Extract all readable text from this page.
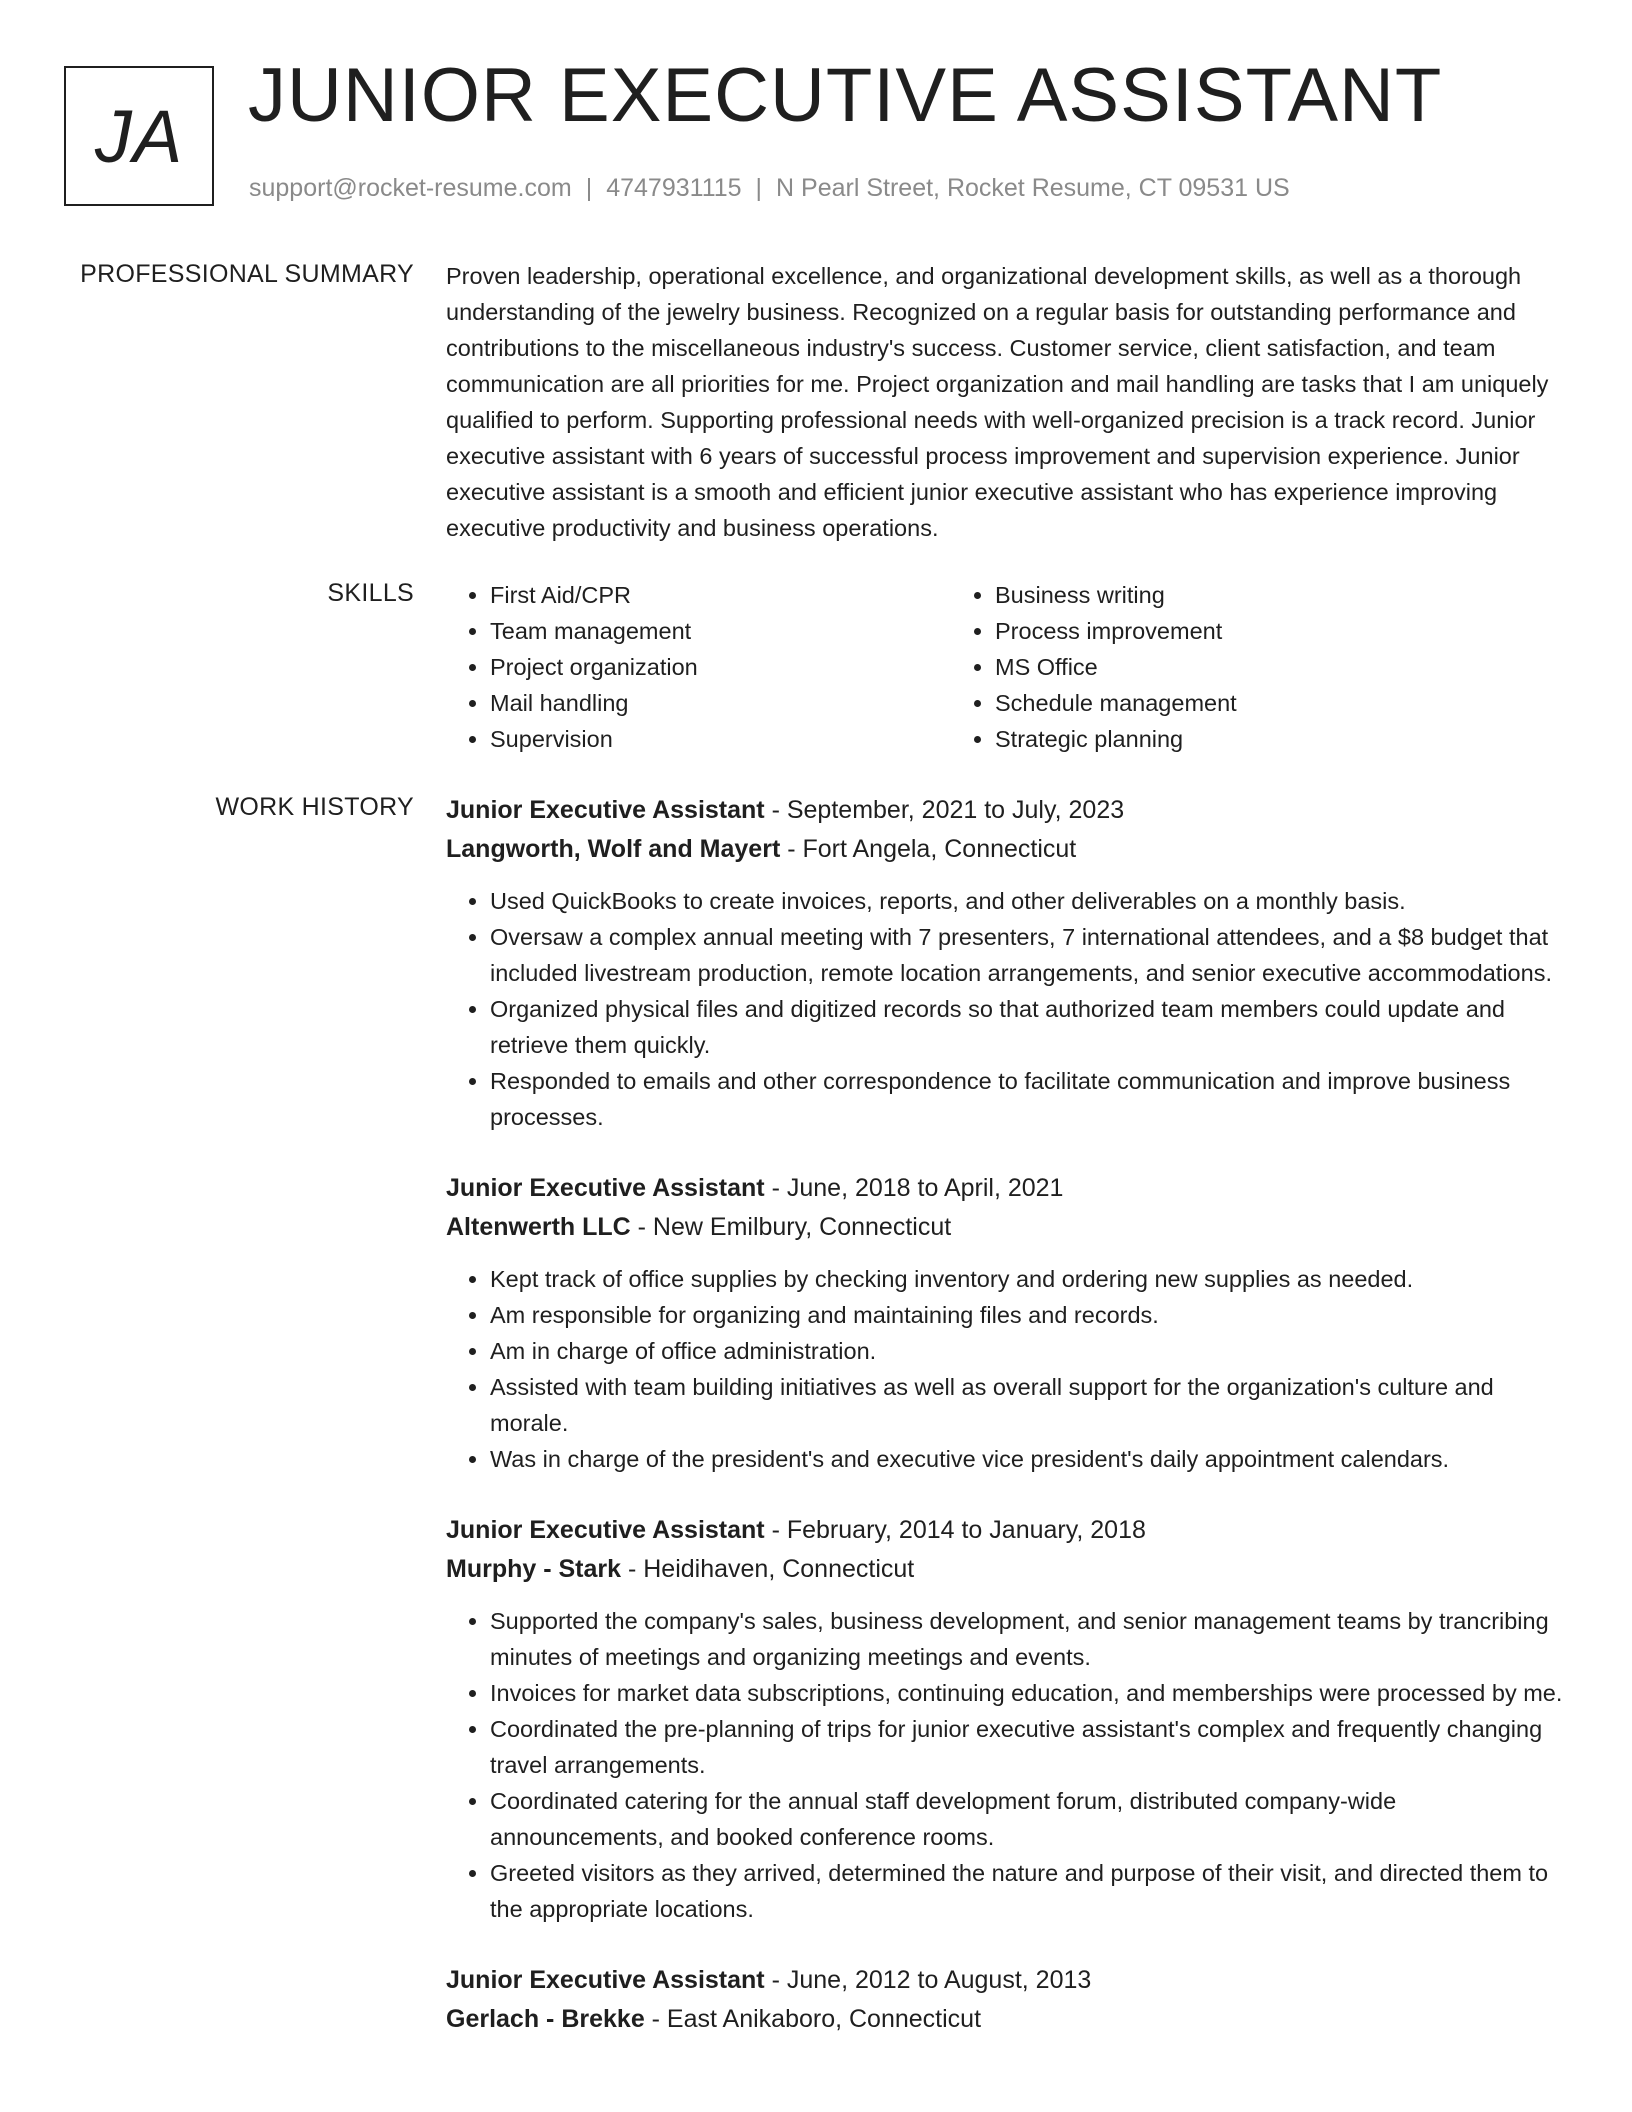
JA JUNIOR EXECUTIVE ASSISTANT
support@rocket-resume.com | 4747931115 | N Pearl Street, Rocket Resume, CT 09531 US
PROFESSIONAL SUMMARY Proven leadership, operational excellence, and organizational development skills, as well as a thorough understanding of the jewelry business. Recognized on a regular basis for outstanding performance and contributions to the miscellaneous industry's success. Customer service, client satisfaction, and team communication are all priorities for me. Project organization and mail handling are tasks that I am uniquely qualified to perform. Supporting professional needs with well-organized precision is a track record. Junior executive assistant with 6 years of successful process improvement and supervision experience. Junior executive assistant is a smooth and efficient junior executive assistant who has experience improving executive productivity and business operations.

SKILLS
•	First Aid/CPR
• Team management
• Project organization
• Mail handling
• Supervision
• Business writing
• Process improvement
• MS Office
• Schedule management
• Strategic planning
WORK HISTORY Junior Executive Assistant - September, 2021 to July, 2023
Langworth, Wolf and Mayert - Fort Angela, Connecticut
• Used QuickBooks to create invoices, reports, and other deliverables on a monthly basis.
• Oversaw a complex annual meeting with 7 presenters, 7 international attendees, and a $8 budget that included livestream production, remote location arrangements, and senior executive accommodations.
• Organized physical files and digitized records so that authorized team members could update and retrieve them quickly.
• Responded to emails and other correspondence to facilitate communication and improve business processes.
Junior Executive Assistant - June, 2018 to April, 2021
Altenwerth LLC - New Emilbury, Connecticut
• Kept track of office supplies by checking inventory and ordering new supplies as needed.
• Am responsible for organizing and maintaining files and records.
• Am in charge of office administration.
• Assisted with team building initiatives as well as overall support for the organization's culture and morale.
• Was in charge of the president's and executive vice president's daily appointment calendars.
Junior Executive Assistant - February, 2014 to January, 2018
Murphy - Stark - Heidihaven, Connecticut
• Supported the company's sales, business development, and senior management teams by trancribing minutes of meetings and organizing meetings and events.
• Invoices for market data subscriptions, continuing education, and memberships were processed by me.
• Coordinated the pre-planning of trips for junior executive assistant's complex and frequently changing travel arrangements.
• Coordinated catering for the annual staff development forum, distributed company-wide announcements, and booked conference rooms.
• Greeted visitors as they arrived, determined the nature and purpose of their visit, and directed them to the appropriate locations.
Junior Executive Assistant - June, 2012 to August, 2013
Gerlach - Brekke - East Anikaboro, Connecticut
